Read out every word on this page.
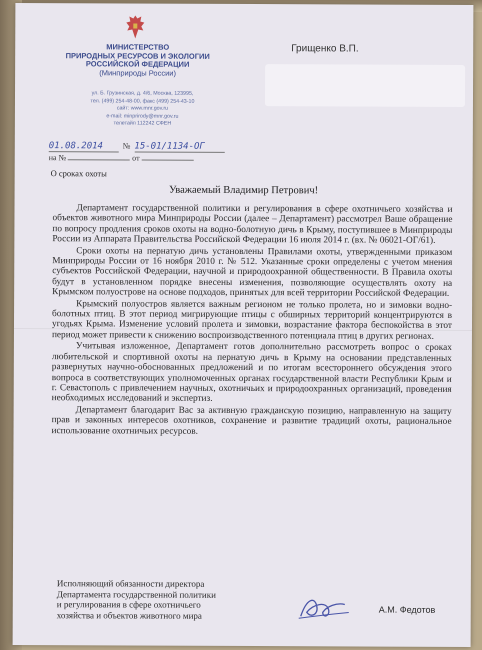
МИНИСТЕРСТВО
ПРИРОДНЫХ РЕСУРСОВ И ЭКОЛОГИИ
РОССИЙСКОЙ ФЕДЕРАЦИИ
(Минприроды России)
ул. Б. Грузинская, д. 4/6, Москва, 123995,
тел. (499) 254-48-00, факс (499) 254-43-10
сайт: www.mnr.gov.ru
e-mail: minprirody@mnr.gov.ru
телетайп 112242 СФЕН
01.08.2014  №  15-01/1134-ОГ
на №	от
О сроках охоты
Грищенко В.П.
Уважаемый Владимир Петрович!

Департамент государственной политики и регулирования в сфере охотничьего хозяйства и объектов животного мира Минприроды России (далее – Департамент) рассмотрел Ваше обращение по вопросу продления сроков охоты на водно-болотную дичь в Крыму, поступившее в Минприроды России из Аппарата Правительства Российской Федерации 16 июля 2014 г. (вх. № 06021-ОГ/61).

Сроки охоты на пернатую дичь установлены Правилами охоты, утвержденными приказом Минприроды России от 16 ноября 2010 г. № 512. Указанные сроки определены с учетом мнения субъектов Российской Федерации, научной и природоохранной общественности. В Правила охоты будут в установленном порядке внесены изменения, позволяющие осуществлять охоту на Крымском полуострове на основе подходов, принятых для всей территории Российской Федерации.

Крымский полуостров является важным регионом не только пролета, но и зимовки водно-болотных птиц. В этот период мигрирующие птицы с обширных территорий концентрируются в угодьях Крыма. Изменение условий пролета и зимовки, возрастание фактора беспокойства в этот период может привести к снижению воспроизводственного потенциала птиц в других регионах.

Учитывая изложенное, Департамент готов дополнительно рассмотреть вопрос о сроках любительской и спортивной охоты на пернатую дичь в Крыму на основании представленных развернутых научно-обоснованных предложений и по итогам всестороннего обсуждения этого вопроса в соответствующих уполномоченных органах государственной власти Республики Крым и г. Севастополь с привлечением научных, охотничьих и природоохранных организаций, проведения необходимых исследований и экспертиз.

Департамент благодарит Вас за активную гражданскую позицию, направленную на защиту прав и законных интересов охотников, сохранение и развитие традиций охоты, рациональное использование охотничьих ресурсов.

Исполняющий обязанности директора
Департамента государственной политики
и регулирования в сфере охотничьего
хозяйства и объектов животного мира	А.М. Федотов
